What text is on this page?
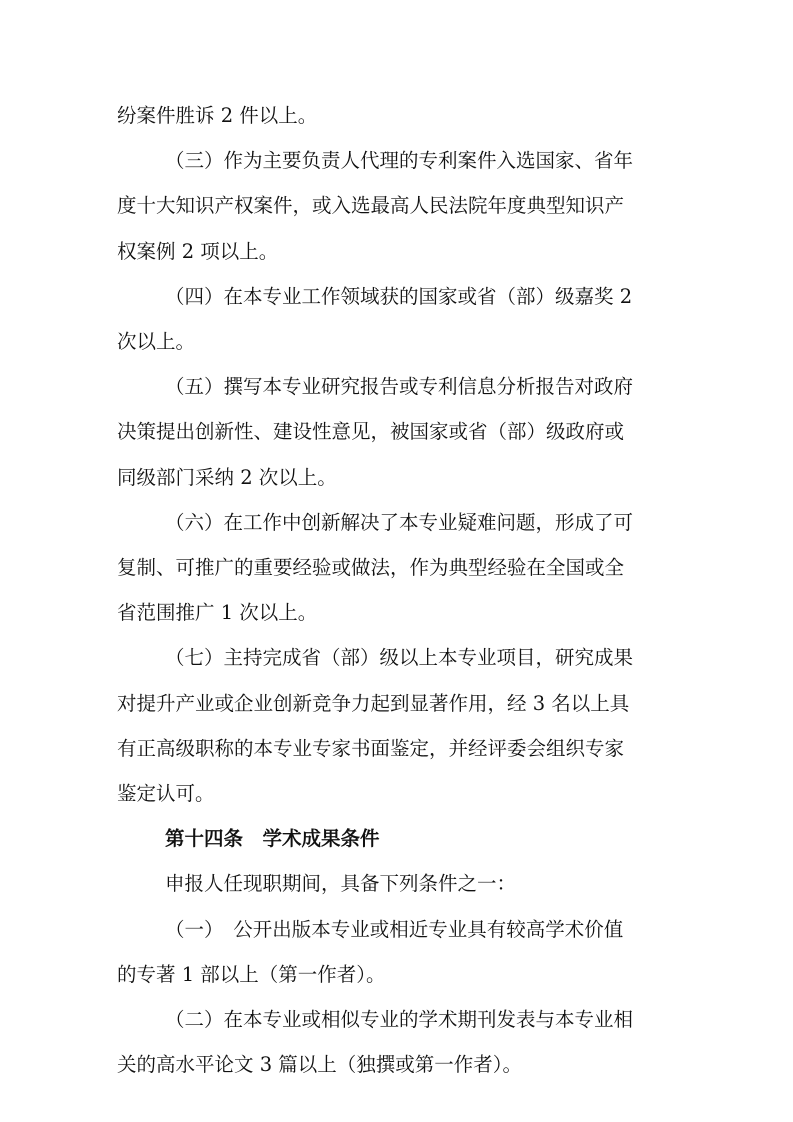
纷案件胜诉 2 件以上。
（三）作为主要负责人代理的专利案件入选国家、省年
度十大知识产权案件，或入选最高人民法院年度典型知识产
权案例 2 项以上。
（四）在本专业工作领域获的国家或省（部）级嘉奖 2
次以上。
（五）撰写本专业研究报告或专利信息分析报告对政府
决策提出创新性、建设性意见，被国家或省（部）级政府或
同级部门采纳 2 次以上。
（六）在工作中创新解决了本专业疑难问题，形成了可
复制、可推广的重要经验或做法，作为典型经验在全国或全
省范围推广 1 次以上。
（七）主持完成省（部）级以上本专业项目，研究成果
对提升产业或企业创新竞争力起到显著作用，经 3 名以上具
有正高级职称的本专业专家书面鉴定，并经评委会组织专家
鉴定认可。
第十四条　学术成果条件
申报人任现职期间，具备下列条件之一：
（一）　公开出版本专业或相近专业具有较高学术价值
的专著 1 部以上（第一作者）。
（二）在本专业或相似专业的学术期刊发表与本专业相
关的高水平论文 3 篇以上（独撰或第一作者）。
